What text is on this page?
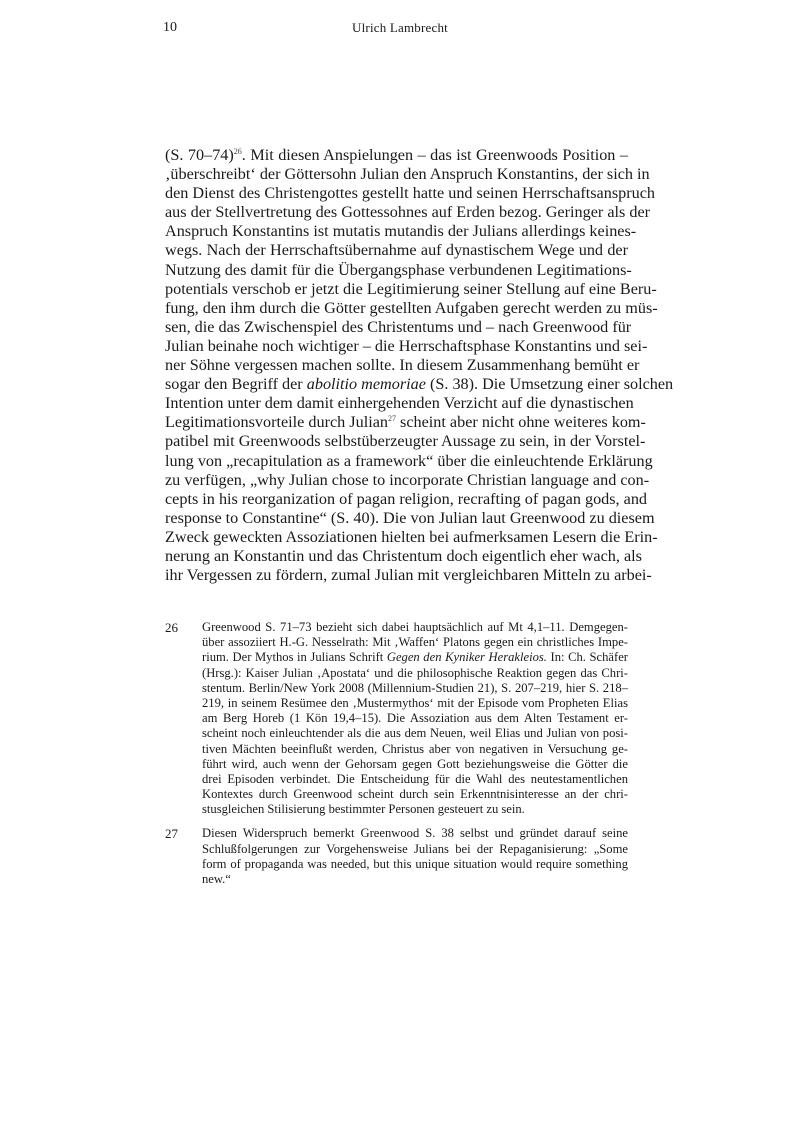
10	Ulrich Lambrecht
(S. 70–74)$^{26}$. Mit diesen Anspielungen – das ist Greenwoods Position –
‚überschreibt‘ der Göttersohn Julian den Anspruch Konstantins, der sich in
den Dienst des Christengottes gestellt hatte und seinen Herrschaftsanspruch
aus der Stellvertretung des Gottessohnes auf Erden bezog. Geringer als der
Anspruch Konstantins ist mutatis mutandis der Julians allerdings keines-
wegs. Nach der Herrschaftsübernahme auf dynastischem Wege und der
Nutzung des damit für die Übergangsphase verbundenen Legitimations-
potentials verschob er jetzt die Legitimierung seiner Stellung auf eine Beru-
fung, den ihm durch die Götter gestellten Aufgaben gerecht werden zu müs-
sen, die das Zwischenspiel des Christentums und – nach Greenwood für
Julian beinahe noch wichtiger – die Herrschaftsphase Konstantins und sei-
ner Söhne vergessen machen sollte. In diesem Zusammenhang bemüht er
sogar den Begriff der abolitio memoriae (S. 38). Die Umsetzung einer solchen
Intention unter dem damit einhergehenden Verzicht auf die dynastischen
Legitimationsvorteile durch Julian$^{27}$ scheint aber nicht ohne weiteres kom-
patibel mit Greenwoods selbstüberzeugter Aussage zu sein, in der Vorstel-
lung von „recapitulation as a framework“ über die einleuchtende Erklärung
zu verfügen, „why Julian chose to incorporate Christian language and con-
cepts in his reorganization of pagan religion, recrafting of pagan gods, and
response to Constantine“ (S. 40). Die von Julian laut Greenwood zu diesem
Zweck geweckten Assoziationen hielten bei aufmerksamen Lesern die Erin-
nerung an Konstantin und das Christentum doch eigentlich eher wach, als
ihr Vergessen zu fördern, zumal Julian mit vergleichbaren Mitteln zu arbei-
26 Greenwood S. 71–73 bezieht sich dabei hauptsächlich auf Mt 4,1–11. Demgegen-
über assoziiert H.-G. Nesselrath: Mit ‚Waffen‘ Platons gegen ein christliches Impe-
rium. Der Mythos in Julians Schrift Gegen den Kyniker Herakleios. In: Ch. Schäfer
(Hrsg.): Kaiser Julian ‚Apostata‘ und die philosophische Reaktion gegen das Chri-
stentum. Berlin/New York 2008 (Millennium-Studien 21), S. 207–219, hier S. 218–
219, in seinem Resümee den ‚Mustermythos‘ mit der Episode vom Propheten Elias
am Berg Horeb (1 Kön 19,4–15). Die Assoziation aus dem Alten Testament er-
scheint noch einleuchtender als die aus dem Neuen, weil Elias und Julian von posi-
tiven Mächten beeinflußt werden, Christus aber von negativen in Versuchung ge-
führt wird, auch wenn der Gehorsam gegen Gott beziehungsweise die Götter die
drei Episoden verbindet. Die Entscheidung für die Wahl des neutestamentlichen
Kontextes durch Greenwood scheint durch sein Erkenntnisinteresse an der chri-
stusgleichen Stilisierung bestimmter Personen gesteuert zu sein.
27 Diesen Widerspruch bemerkt Greenwood S. 38 selbst und gründet darauf seine
Schlußfolgerungen zur Vorgehensweise Julians bei der Repaganisierung: „Some
form of propaganda was needed, but this unique situation would require something
new.“
